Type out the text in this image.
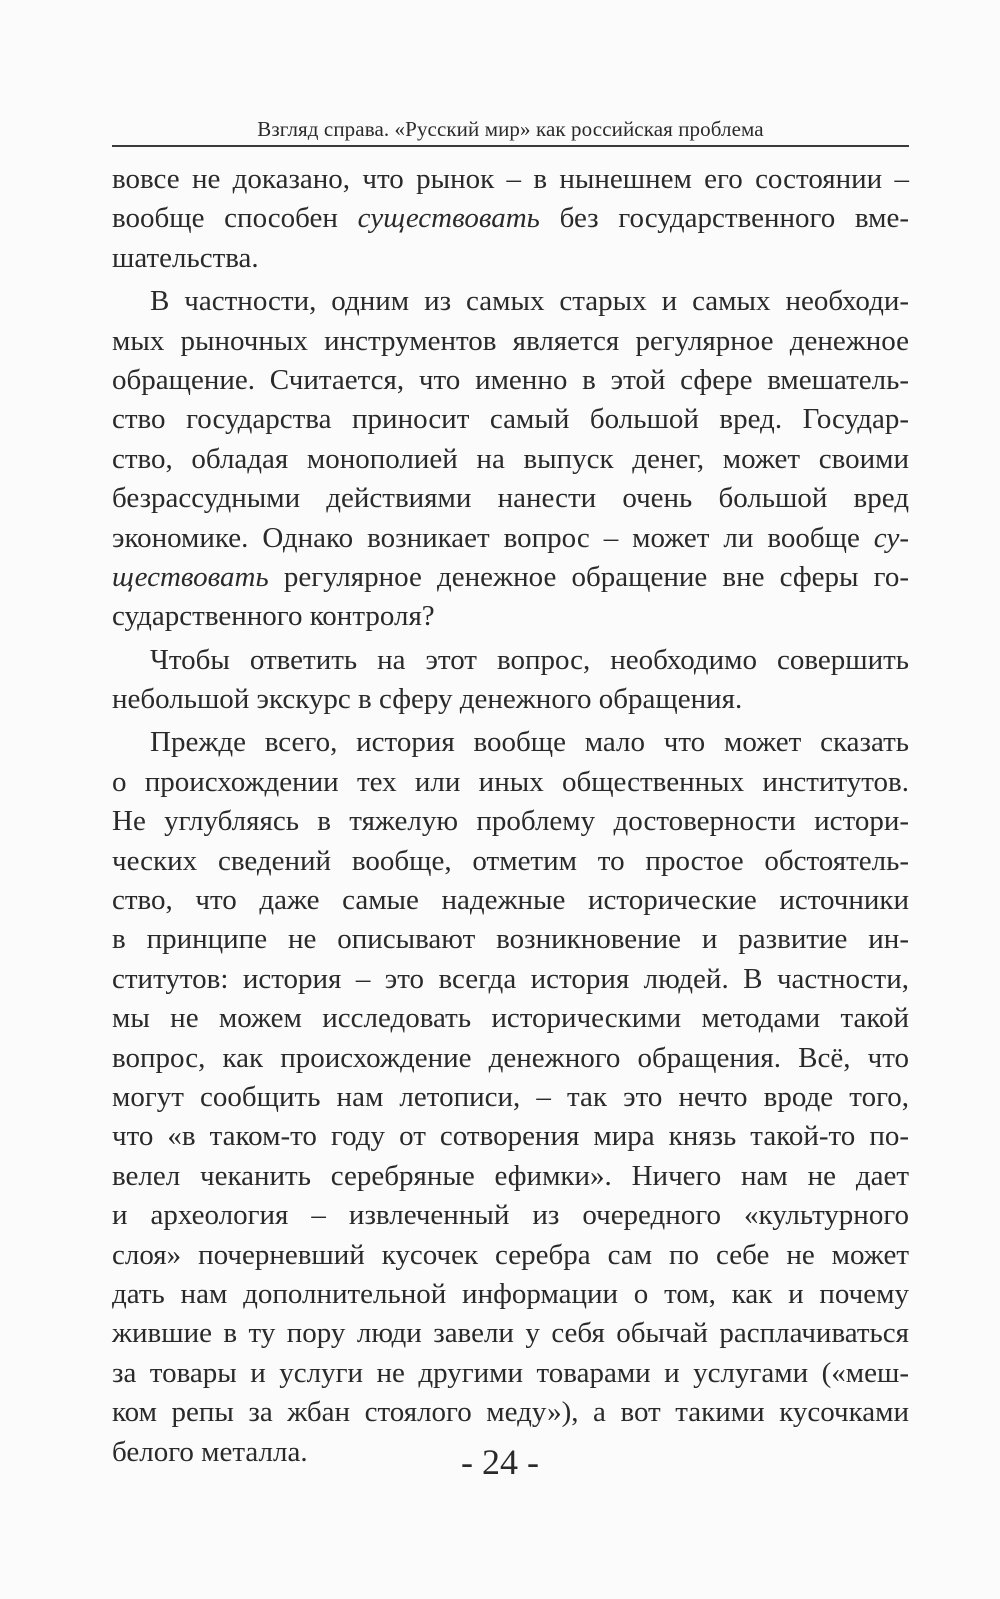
Взгляд справа. «Русский мир» как российская проблема
вовсе не доказано, что рынок – в нынешнем его состоянии –
вообще способен существовать без государственного вме-
шательства.
В частности, одним из самых старых и самых необходи-
мых рыночных инструментов является регулярное денежное
обращение. Считается, что именно в этой сфере вмешатель-
ство государства приносит самый большой вред. Государ-
ство, обладая монополией на выпуск денег, может своими
безрассудными действиями нанести очень большой вред
экономике. Однако возникает вопрос – может ли вообще су-
ществовать регулярное денежное обращение вне сферы го-
сударственного контроля?
Чтобы ответить на этот вопрос, необходимо совершить
небольшой экскурс в сферу денежного обращения.
Прежде всего, история вообще мало что может сказать
о происхождении тех или иных общественных институтов.
Не углубляясь в тяжелую проблему достоверности истори-
ческих сведений вообще, отметим то простое обстоятель-
ство, что даже самые надежные исторические источники
в принципе не описывают возникновение и развитие ин-
ститутов: история – это всегда история людей. В частности,
мы не можем исследовать историческими методами такой
вопрос, как происхождение денежного обращения. Всё, что
могут сообщить нам летописи, – так это нечто вроде того,
что «в таком-то году от сотворения мира князь такой-то по-
велел чеканить серебряные ефимки». Ничего нам не дает
и археология – извлеченный из очередного «культурного
слоя» почерневший кусочек серебра сам по себе не может
дать нам дополнительной информации о том, как и почему
жившие в ту пору люди завели у себя обычай расплачиваться
за товары и услуги не другими товарами и услугами («меш-
ком репы за жбан стоялого меду»), а вот такими кусочками
белого металла.	- 24 -
